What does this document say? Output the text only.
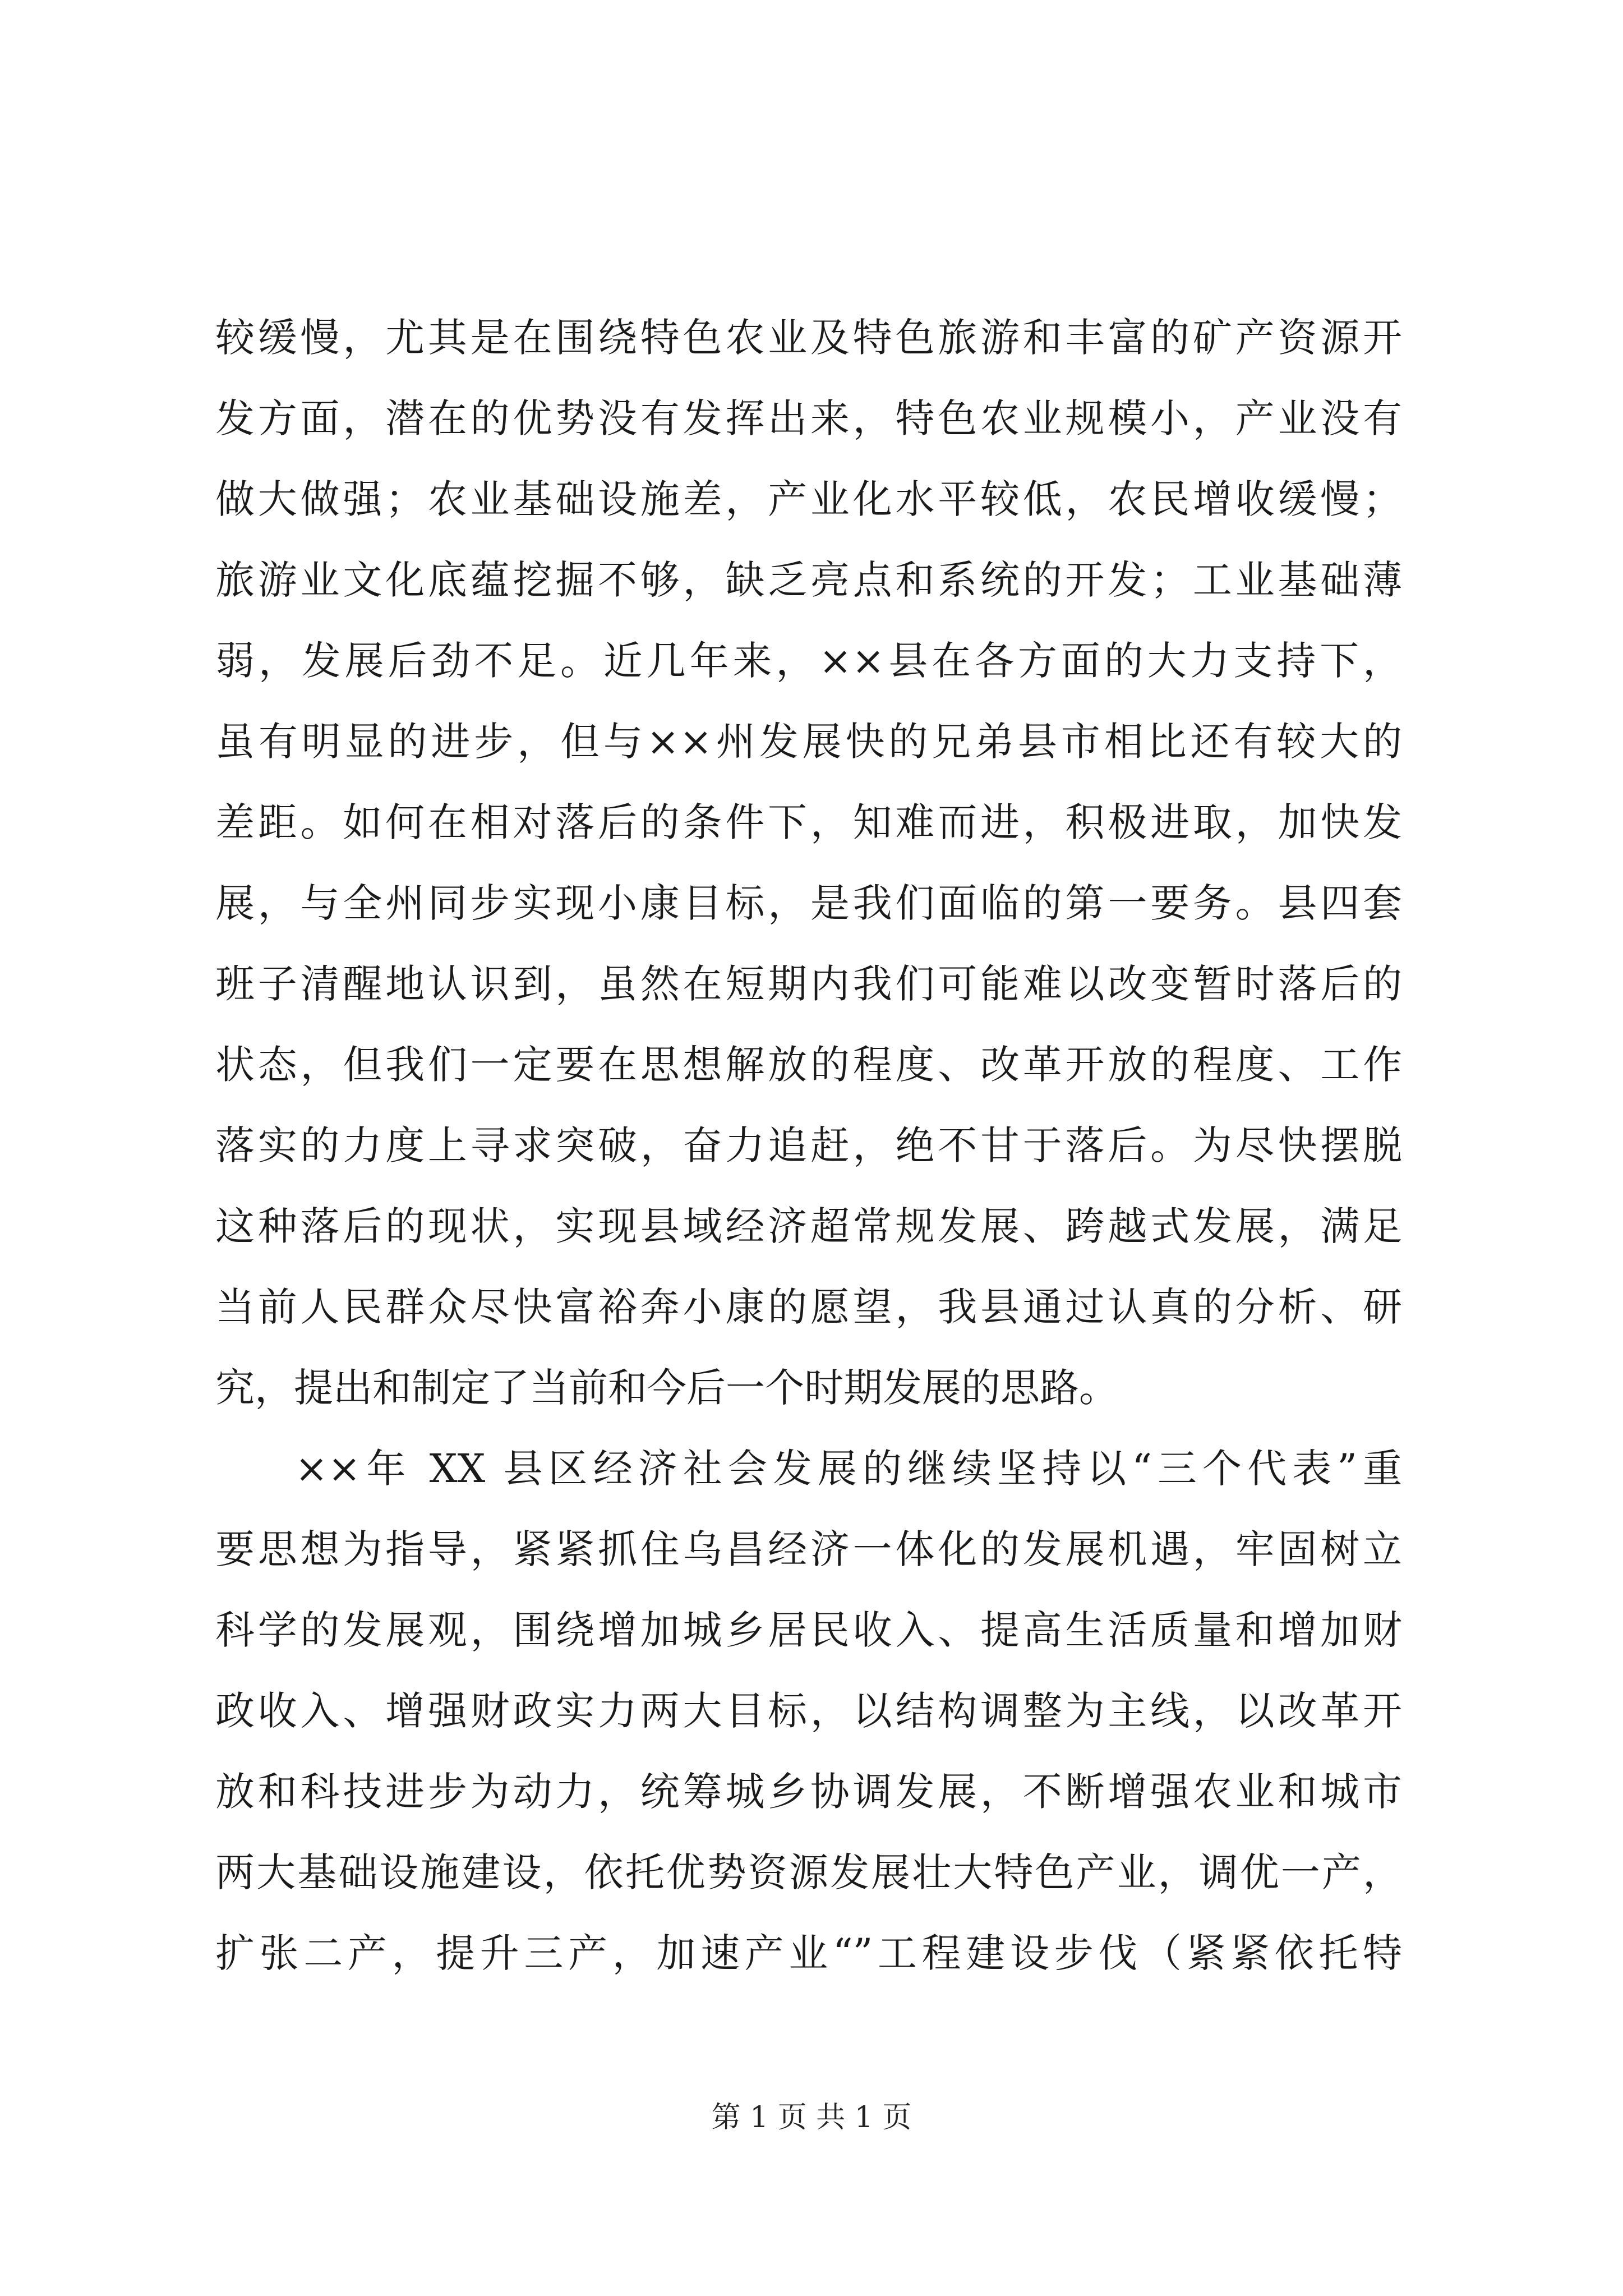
较缓慢，尤其是在围绕特色农业及特色旅游和丰富的矿产资源开
发方面，潜在的优势没有发挥出来，特色农业规模小，产业没有
做大做强；农业基础设施差，产业化水平较低，农民增收缓慢；
旅游业文化底蕴挖掘不够，缺乏亮点和系统的开发；工业基础薄
弱，发展后劲不足。近几年来，××县在各方面的大力支持下，
虽有明显的进步，但与××州发展快的兄弟县市相比还有较大的
差距。如何在相对落后的条件下，知难而进，积极进取，加快发
展，与全州同步实现小康目标，是我们面临的第一要务。县四套
班子清醒地认识到，虽然在短期内我们可能难以改变暂时落后的
状态，但我们一定要在思想解放的程度、改革开放的程度、工作
落实的力度上寻求突破，奋力追赶，绝不甘于落后。为尽快摆脱
这种落后的现状，实现县域经济超常规发展、跨越式发展，满足
当前人民群众尽快富裕奔小康的愿望，我县通过认真的分析、研
究，提出和制定了当前和今后一个时期发展的思路。
××年 XX 县区经济社会发展的继续坚持以“三个代表”重
要思想为指导，紧紧抓住乌昌经济一体化的发展机遇，牢固树立
科学的发展观，围绕增加城乡居民收入、提高生活质量和增加财
政收入、增强财政实力两大目标，以结构调整为主线，以改革开
放和科技进步为动力，统筹城乡协调发展，不断增强农业和城市
两大基础设施建设，依托优势资源发展壮大特色产业，调优一产，
扩张二产，提升三产，加速产业“”工程建设步伐（紧紧依托特
第 1 页 共 1 页
